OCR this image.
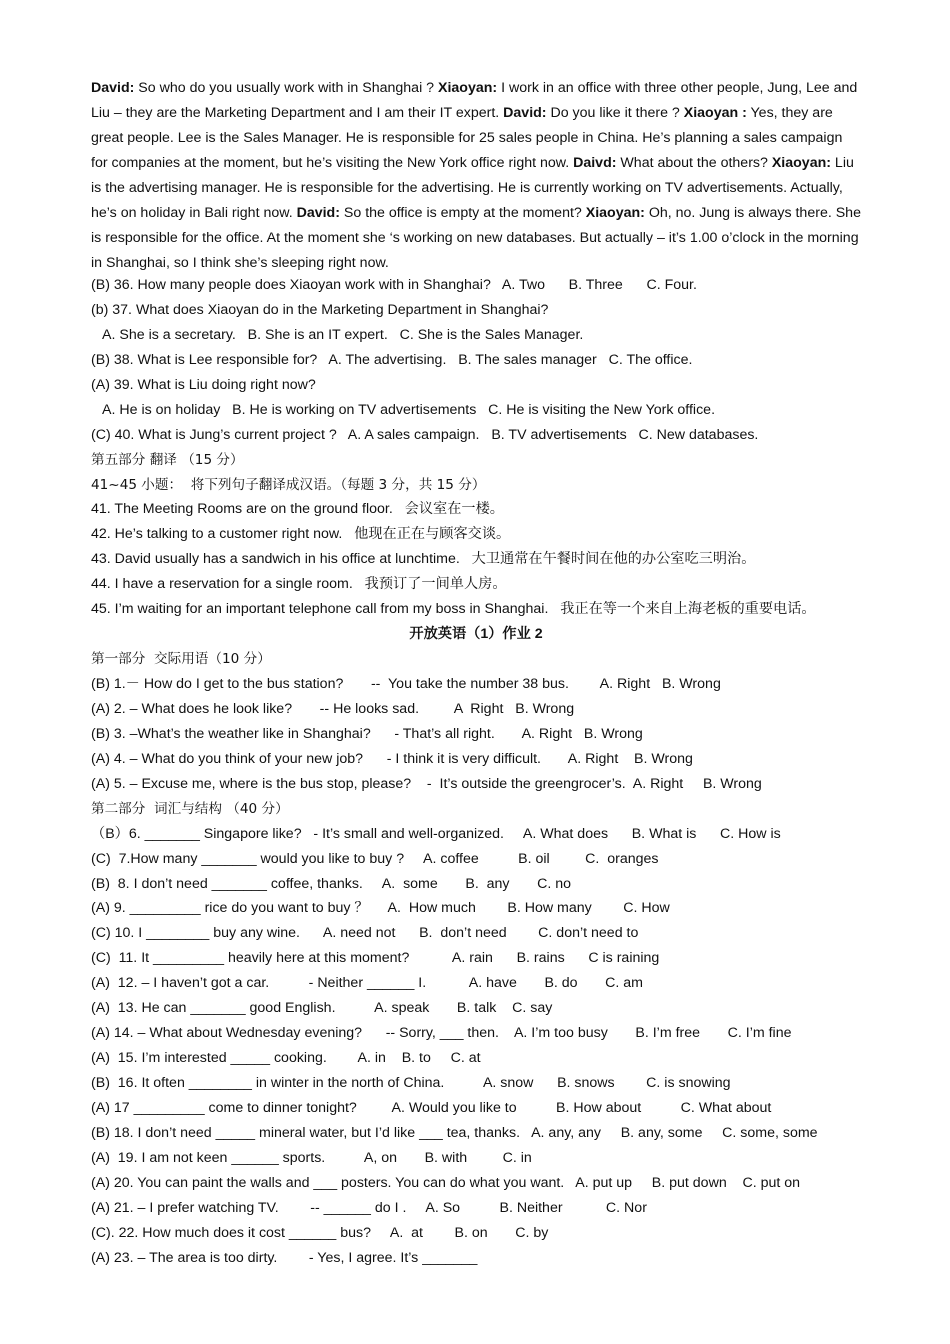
David: So who do you usually work with in Shanghai ? Xiaoyan: I work in an office with three other people, Jung, Lee and Liu – they are the Marketing Department and I am their IT expert. David: Do you like it there ? Xiaoyan : Yes, they are great people. Lee is the Sales Manager. He is responsible for 25 sales people in China. He’s planning a sales campaign for companies at the moment, but he’s visiting the New York office right now. Daivd: What about the others? Xiaoyan: Liu is the advertising manager. He is responsible for the advertising. He is currently working on TV advertisements. Actually, he’s on holiday in Bali right now. David: So the office is empty at the moment? Xiaoyan: Oh, no. Jung is always there. She is responsible for the office. At the moment she ‘s working on new databases. But actually – it’s 1.00 o’clock in the morning in Shanghai, so I think she’s sleeping right now.
(B) 36. How many people does Xiaoyan work with in Shanghai?   A. Two      B. Three      C. Four.
(b) 37. What does Xiaoyan do in the Marketing Department in Shanghai?
A. She is a secretary.   B. She is an IT expert.   C. She is the Sales Manager.
(B) 38. What is Lee responsible for?   A. The advertising.   B. The sales manager   C. The office.
(A) 39. What is Liu doing right now?
A. He is on holiday   B. He is working on TV advertisements   C. He is visiting the New York office.
(C) 40. What is Jung’s current project ?   A. A sales campaign.   B. TV advertisements   C. New databases.
第五部分 翻译 （15 分）
41~45 小题：  将下列句子翻译成汉语。（每题 3 分，共 15 分）
41. The Meeting Rooms are on the ground floor.   会议室在一楼。
42. He’s talking to a customer right now.   他现在正在与顾客交谈。
43. David usually has a sandwich in his office at lunchtime.   大卫通常在午餐时间在他的办公室吃三明治。
44. I have a reservation for a single room.   我预订了一间单人房。
45. I’m waiting for an important telephone call from my boss in Shanghai.   我正在等一个来自上海老板的重要电话。
开放英语（1）作业 2
第一部分  交际用语（10 分）
(B) 1.－ How do I get to the bus station?       --  You take the number 38 bus.        A. Right   B. Wrong
(A) 2. – What does he look like?       -- He looks sad.         A  Right   B. Wrong
(B) 3. –What’s the weather like in Shanghai?      - That’s all right.       A. Right   B. Wrong
(A) 4. – What do you think of your new job?      - I think it is very difficult.       A. Right    B. Wrong
(A) 5. – Excuse me, where is the bus stop, please?    -  It’s outside the greengrocer’s.  A. Right     B. Wrong
第二部分  词汇与结构 （40 分）
（B）6. _______ Singapore like?   - It’s small and well-organized.     A. What does      B. What is      C. How is
(C)  7.How many _______ would you like to buy ?     A. coffee          B. oil         C.  oranges
(B)  8. I don’t need _______ coffee, thanks.     A.  some       B.  any       C. no
(A) 9. _________ rice do you want to buy ？     A.  How much        B. How many        C. How
(C) 10. I ________ buy any wine.      A. need not      B.  don’t need        C. don’t need to
(C)  11. It _________ heavily here at this moment?           A. rain      B. rains      C is raining
(A)  12. – I haven’t got a car.          - Neither ______ I.           A. have       B. do       C. am
(A)  13. He can _______ good English.          A. speak       B. talk    C. say
(A) 14. – What about Wednesday evening?      -- Sorry, ___ then.    A. I’m too busy       B. I’m free       C. I’m fine
(A)  15. I’m interested _____ cooking.        A. in    B. to     C. at
(B)  16. It often ________ in winter in the north of China.          A. snow      B. snows        C. is snowing
(A) 17 _________ come to dinner tonight?         A. Would you like to          B. How about          C. What about
(B) 18. I don’t need _____ mineral water, but I’d like ___ tea, thanks.   A. any, any     B. any, some     C. some, some
(A)  19. I am not keen ______ sports.          A, on       B. with         C. in
(A) 20. You can paint the walls and ___ posters. You can do what you want.   A. put up     B. put down    C. put on
(A) 21. – I prefer watching TV.        -- ______ do I .     A. So          B. Neither           C. Nor
(C). 22. How much does it cost ______ bus?     A.  at        B. on       C. by
(A) 23. – The area is too dirty.        - Yes, I agree. It’s _______
